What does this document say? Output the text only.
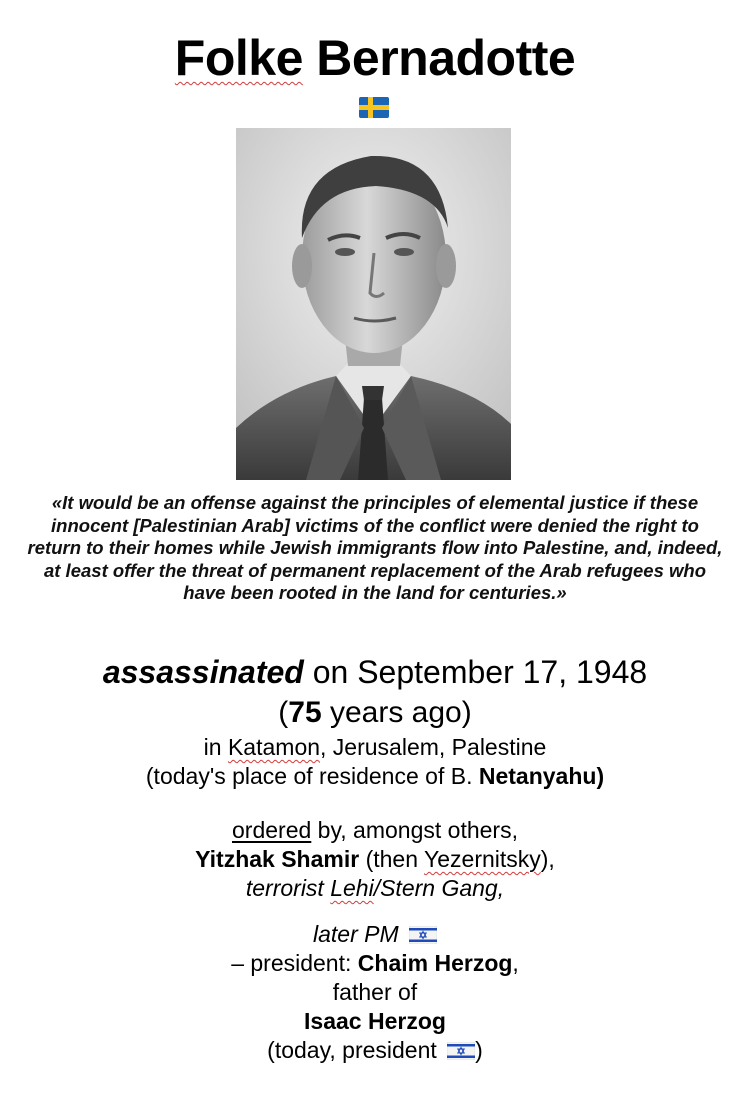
Folke Bernadotte
«It would be an offense against the principles of elemental justice if these innocent [Palestinian Arab] victims of the conflict were denied the right to return to their homes while Jewish immigrants flow into Palestine, and, indeed, at least offer the threat of permanent replacement of the Arab refugees who have been rooted in the land for centuries.»
assassinated on September 17, 1948
(75 years ago)
in Katamon, Jerusalem, Palestine
(today's place of residence of B. Netanyahu)
ordered by, amongst others,
Yitzhak Shamir (then Yezernitsky),
terrorist Lehi/Stern Gang,
later PM
– president: Chaim Herzog,
father of
Isaac Herzog
(today, president )
